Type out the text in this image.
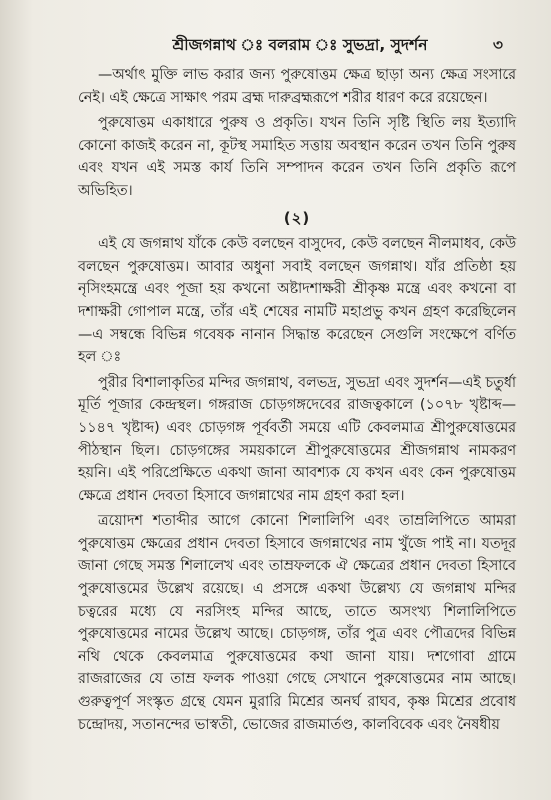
শ্রীজগন্নাথ ঃ বলরাম ঃ সুভদ্রা, সুদর্শন	৩

—অর্থাৎ মুক্তি লাভ করার জন্য পুরুষোত্তম ক্ষেত্র ছাড়া অন্য ক্ষেত্র সংসারে নেই। এই ক্ষেত্রে সাক্ষাৎ পরম ব্রহ্ম দারুব্রহ্মরূপে শরীর ধারণ করে রয়েছেন।

পুরুষোত্তম একাধারে পুরুষ ও প্রকৃতি। যখন তিনি সৃষ্টি স্থিতি লয় ইত্যাদি কোনো কাজই করেন না, কূটস্থ সমাহিত সত্তায় অবস্থান করেন তখন তিনি পুরুষ এবং যখন এই সমস্ত কার্য তিনি সম্পাদন করেন তখন তিনি প্রকৃতি রূপে অভিহিত।

(২)

এই যে জগন্নাথ যাঁকে কেউ বলছেন বাসুদেব, কেউ বলছেন নীলমাধব, কেউ বলছেন পুরুষোত্তম। আবার অধুনা সবাই বলছেন জগন্নাথ। যাঁর প্রতিষ্ঠা হয় নৃসিংহমন্ত্রে এবং পূজা হয় কখনো অষ্টাদশাক্ষরী শ্রীকৃষ্ণ মন্ত্রে এবং কখনো বা দশাক্ষরী গোপাল মন্ত্রে, তাঁর এই শেষের নামটি মহাপ্রভু কখন গ্রহণ করেছিলেন—এ সম্বন্ধে বিভিন্ন গবেষক নানান সিদ্ধান্ত করেছেন সেগুলি সংক্ষেপে বর্ণিত হল ঃ

পুরীর বিশালাকৃতির মন্দির জগন্নাথ, বলভদ্র, সুভদ্রা এবং সুদর্শন—এই চতুর্ধা মূর্তি পূজার কেন্দ্রস্থল। গঙ্গরাজ চোড়গঙ্গদেবের রাজত্বকালে (১০৭৮ খৃষ্টাব্দ—১১৪৭ খৃষ্টাব্দ) এবং চোড়গঙ্গ পূর্ববর্তী সময়ে এটি কেবলমাত্র শ্রীপুরুষোত্তমের পীঠস্থান ছিল। চোড়গঙ্গের সময়কালে শ্রীপুরুষোত্তমের শ্রীজগন্নাথ নামকরণ হয়নি। এই পরিপ্রেক্ষিতে একথা জানা আবশ্যক যে কখন এবং কেন পুরুষোত্তম ক্ষেত্রে প্রধান দেবতা হিসাবে জগন্নাথের নাম গ্রহণ করা হল।

ত্রয়োদশ শতাব্দীর আগে কোনো শিলালিপি এবং তাম্রলিপিতে আমরা পুরুষোত্তম ক্ষেত্রের প্রধান দেবতা হিসাবে জগন্নাথের নাম খুঁজে পাই না। যতদূর জানা গেছে সমস্ত শিলালেখ এবং তাম্রফলকে ঐ ক্ষেত্রের প্রধান দেবতা হিসাবে পুরুষোত্তমের উল্লেখ রয়েছে। এ প্রসঙ্গে একথা উল্লেখ্য যে জগন্নাথ মন্দির চত্বরের মধ্যে যে নরসিংহ মন্দির আছে, তাতে অসংখ্য শিলালিপিতে পুরুষোত্তমের নামের উল্লেখ আছে। চোড়গঙ্গ, তাঁর পুত্র এবং পৌত্রদের বিভিন্ন নথি থেকে কেবলমাত্র পুরুষোত্তমের কথা জানা যায়। দশগোবা গ্রামে রাজরাজের যে তাম্র ফলক পাওয়া গেছে সেখানে পুরুষোত্তমের নাম আছে। গুরুত্বপূর্ণ সংস্কৃত গ্রন্থে যেমন মুরারি মিশ্রের অনর্ঘ রাঘব, কৃষ্ণ মিশ্রের প্রবোধ চন্দ্রোদয়, সতানন্দের ভাস্বতী, ভোজের রাজমার্তণ্ড, কালবিবেক এবং নৈষধীয়
